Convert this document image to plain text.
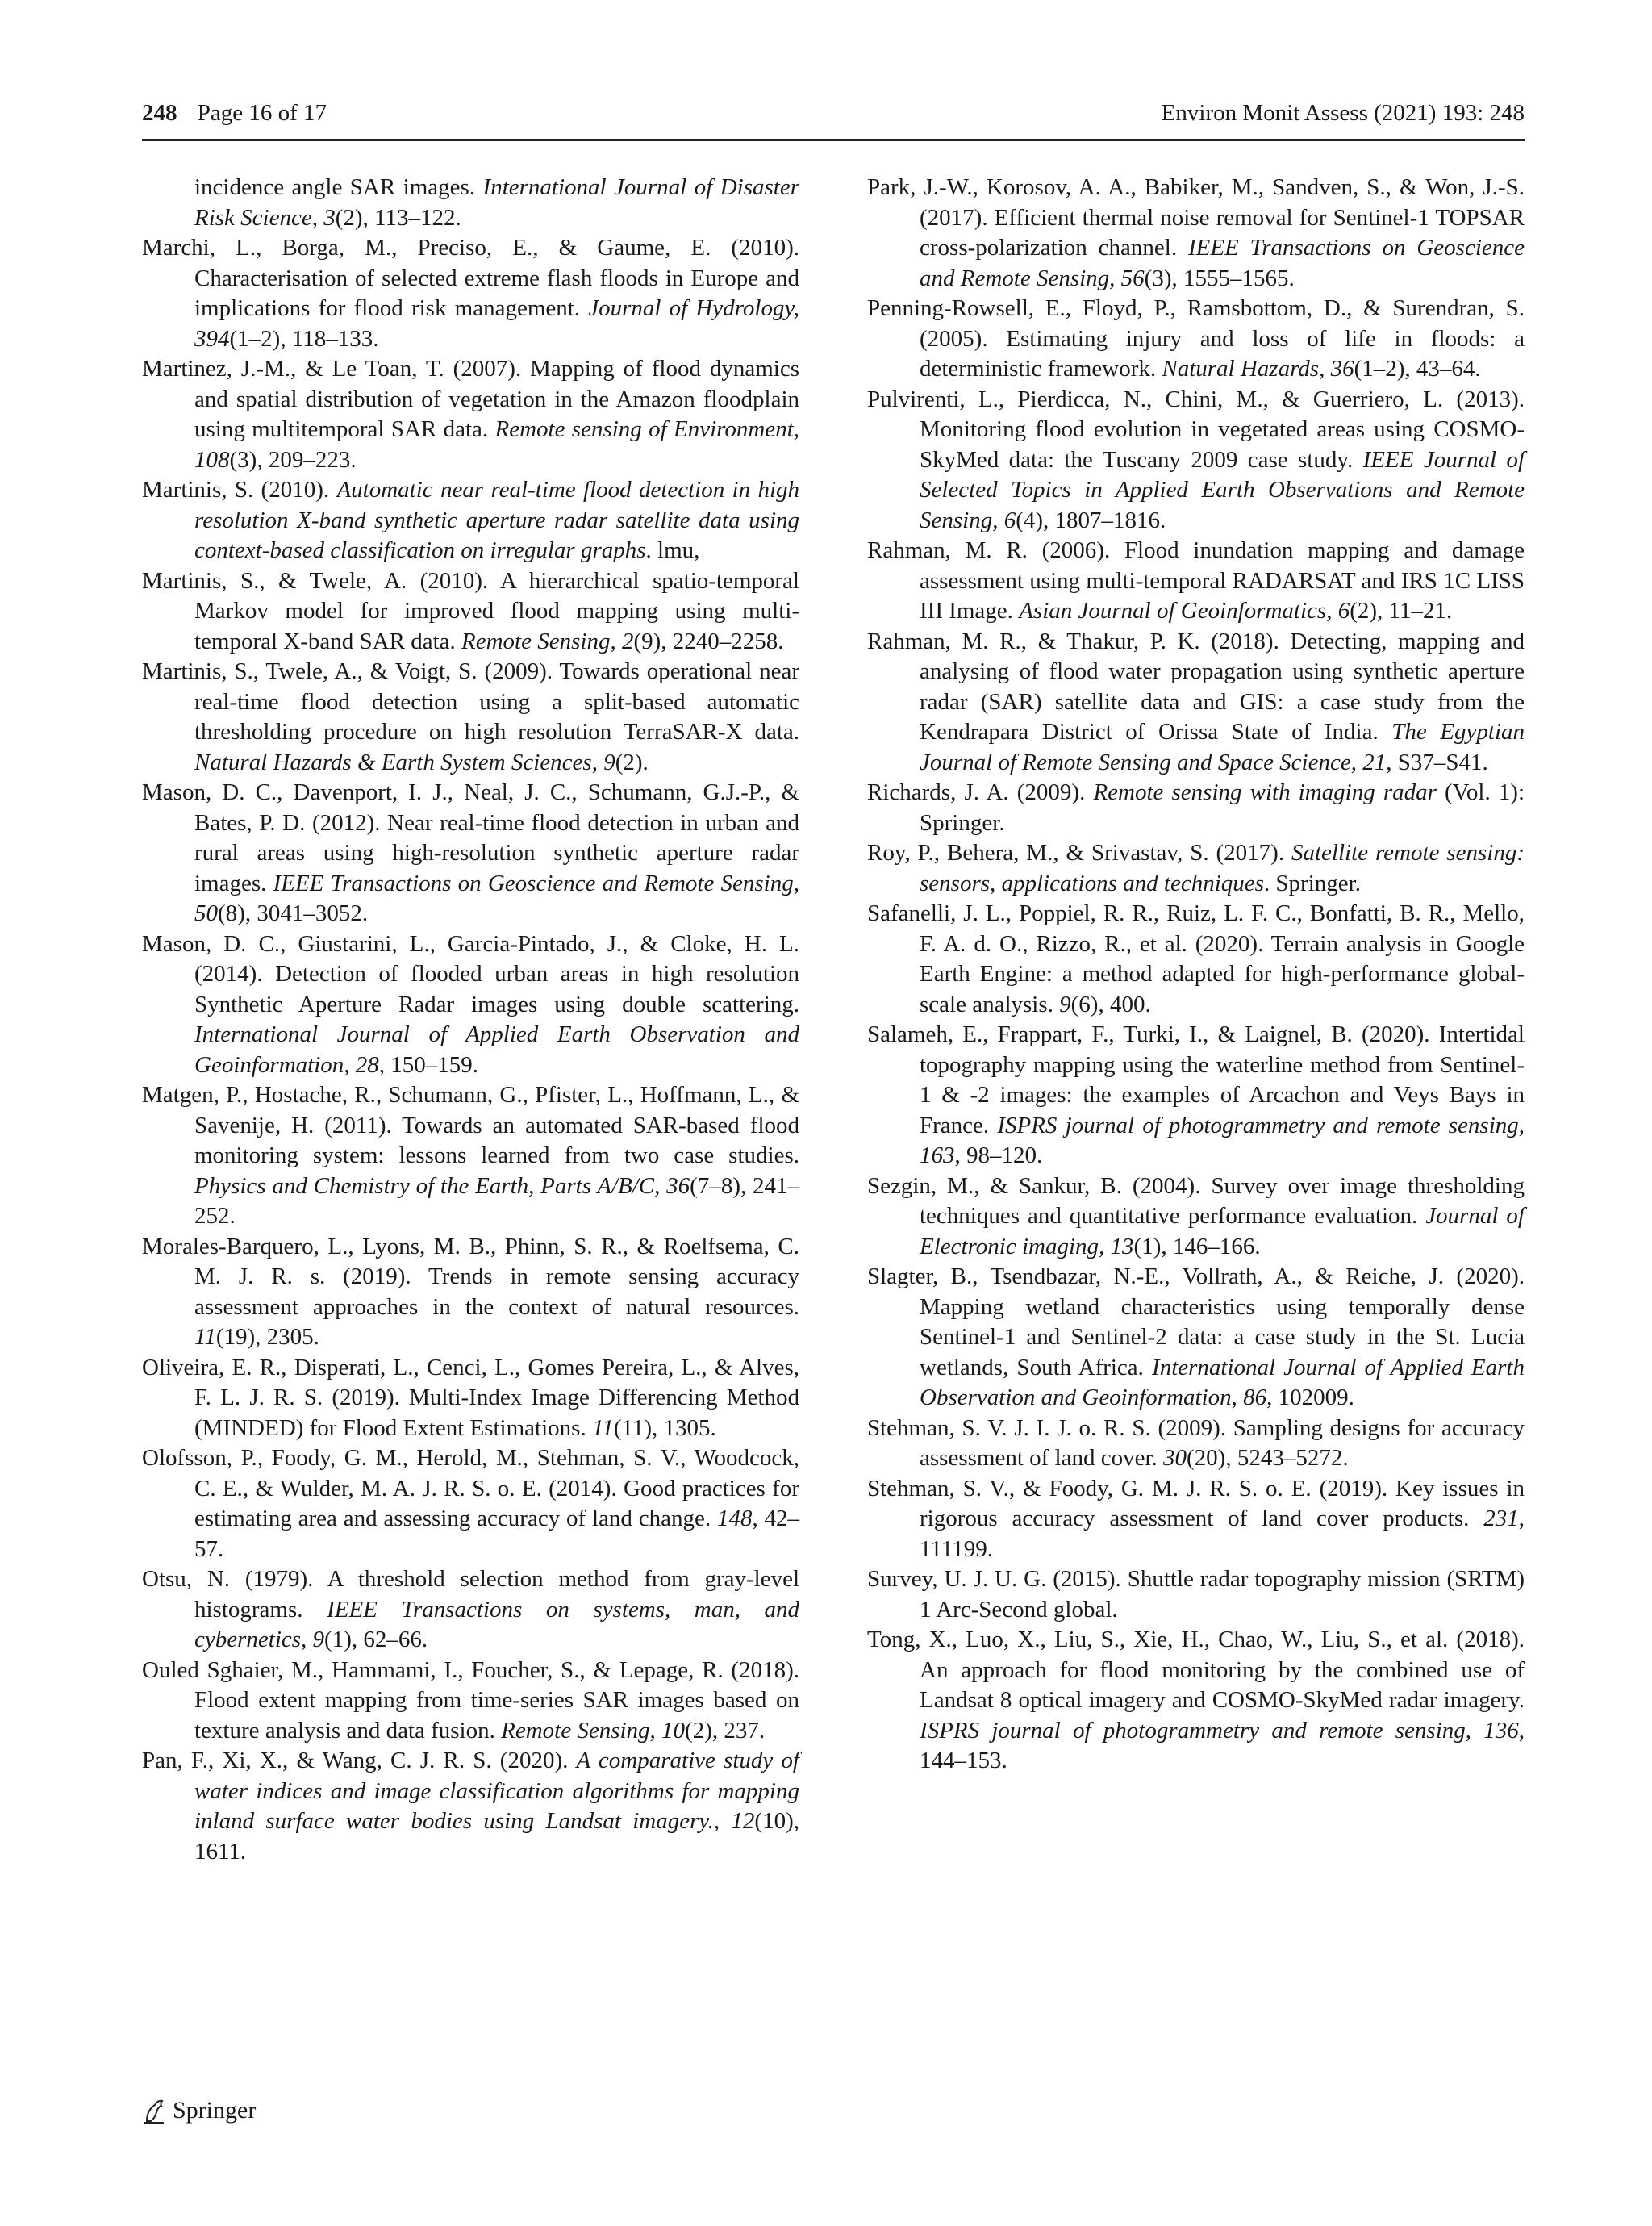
248 Page 16 of 17	Environ Monit Assess (2021) 193: 248
incidence angle SAR images. International Journal of Disaster Risk Science, 3(2), 113–122.
Marchi, L., Borga, M., Preciso, E., & Gaume, E. (2010). Characterisation of selected extreme flash floods in Europe and implications for flood risk management. Journal of Hydrology, 394(1–2), 118–133.
Martinez, J.-M., & Le Toan, T. (2007). Mapping of flood dynamics and spatial distribution of vegetation in the Amazon floodplain using multitemporal SAR data. Remote sensing of Environment, 108(3), 209–223.
Martinis, S. (2010). Automatic near real-time flood detection in high resolution X-band synthetic aperture radar satellite data using context-based classification on irregular graphs. lmu,
Martinis, S., & Twele, A. (2010). A hierarchical spatio-temporal Markov model for improved flood mapping using multi-temporal X-band SAR data. Remote Sensing, 2(9), 2240–2258.
Martinis, S., Twele, A., & Voigt, S. (2009). Towards operational near real-time flood detection using a split-based automatic thresholding procedure on high resolution TerraSAR-X data. Natural Hazards & Earth System Sciences, 9(2).
Mason, D. C., Davenport, I. J., Neal, J. C., Schumann, G.J.-P., & Bates, P. D. (2012). Near real-time flood detection in urban and rural areas using high-resolution synthetic aperture radar images. IEEE Transactions on Geoscience and Remote Sensing, 50(8), 3041–3052.
Mason, D. C., Giustarini, L., Garcia-Pintado, J., & Cloke, H. L. (2014). Detection of flooded urban areas in high resolution Synthetic Aperture Radar images using double scattering. International Journal of Applied Earth Observation and Geoinformation, 28, 150–159.
Matgen, P., Hostache, R., Schumann, G., Pfister, L., Hoffmann, L., & Savenije, H. (2011). Towards an automated SAR-based flood monitoring system: lessons learned from two case studies. Physics and Chemistry of the Earth, Parts A/B/C, 36(7–8), 241–252.
Morales-Barquero, L., Lyons, M. B., Phinn, S. R., & Roelfsema, C. M. J. R. s. (2019). Trends in remote sensing accuracy assessment approaches in the context of natural resources. 11(19), 2305.
Oliveira, E. R., Disperati, L., Cenci, L., Gomes Pereira, L., & Alves, F. L. J. R. S. (2019). Multi-Index Image Differencing Method (MINDED) for Flood Extent Estimations. 11(11), 1305.
Olofsson, P., Foody, G. M., Herold, M., Stehman, S. V., Woodcock, C. E., & Wulder, M. A. J. R. S. o. E. (2014). Good practices for estimating area and assessing accuracy of land change. 148, 42–57.
Otsu, N. (1979). A threshold selection method from gray-level histograms. IEEE Transactions on systems, man, and cybernetics, 9(1), 62–66.
Ouled Sghaier, M., Hammami, I., Foucher, S., & Lepage, R. (2018). Flood extent mapping from time-series SAR images based on texture analysis and data fusion. Remote Sensing, 10(2), 237.
Pan, F., Xi, X., & Wang, C. J. R. S. (2020). A comparative study of water indices and image classification algorithms for mapping inland surface water bodies using Landsat imagery., 12(10), 1611.
Park, J.-W., Korosov, A. A., Babiker, M., Sandven, S., & Won, J.-S. (2017). Efficient thermal noise removal for Sentinel-1 TOPSAR cross-polarization channel. IEEE Transactions on Geoscience and Remote Sensing, 56(3), 1555–1565.
Penning-Rowsell, E., Floyd, P., Ramsbottom, D., & Surendran, S. (2005). Estimating injury and loss of life in floods: a deterministic framework. Natural Hazards, 36(1–2), 43–64.
Pulvirenti, L., Pierdicca, N., Chini, M., & Guerriero, L. (2013). Monitoring flood evolution in vegetated areas using COSMO-SkyMed data: the Tuscany 2009 case study. IEEE Journal of Selected Topics in Applied Earth Observations and Remote Sensing, 6(4), 1807–1816.
Rahman, M. R. (2006). Flood inundation mapping and damage assessment using multi-temporal RADARSAT and IRS 1C LISS III Image. Asian Journal of Geoinformatics, 6(2), 11–21.
Rahman, M. R., & Thakur, P. K. (2018). Detecting, mapping and analysing of flood water propagation using synthetic aperture radar (SAR) satellite data and GIS: a case study from the Kendrapara District of Orissa State of India. The Egyptian Journal of Remote Sensing and Space Science, 21, S37–S41.
Richards, J. A. (2009). Remote sensing with imaging radar (Vol. 1): Springer.
Roy, P., Behera, M., & Srivastav, S. (2017). Satellite remote sensing: sensors, applications and techniques. Springer.
Safanelli, J. L., Poppiel, R. R., Ruiz, L. F. C., Bonfatti, B. R., Mello, F. A. d. O., Rizzo, R., et al. (2020). Terrain analysis in Google Earth Engine: a method adapted for high-performance global-scale analysis. 9(6), 400.
Salameh, E., Frappart, F., Turki, I., & Laignel, B. (2020). Intertidal topography mapping using the waterline method from Sentinel-1 & -2 images: the examples of Arcachon and Veys Bays in France. ISPRS journal of photogrammetry and remote sensing, 163, 98–120.
Sezgin, M., & Sankur, B. (2004). Survey over image thresholding techniques and quantitative performance evaluation. Journal of Electronic imaging, 13(1), 146–166.
Slagter, B., Tsendbazar, N.-E., Vollrath, A., & Reiche, J. (2020). Mapping wetland characteristics using temporally dense Sentinel-1 and Sentinel-2 data: a case study in the St. Lucia wetlands, South Africa. International Journal of Applied Earth Observation and Geoinformation, 86, 102009.
Stehman, S. V. J. I. J. o. R. S. (2009). Sampling designs for accuracy assessment of land cover. 30(20), 5243–5272.
Stehman, S. V., & Foody, G. M. J. R. S. o. E. (2019). Key issues in rigorous accuracy assessment of land cover products. 231, 111199.
Survey, U. J. U. G. (2015). Shuttle radar topography mission (SRTM) 1 Arc-Second global.
Tong, X., Luo, X., Liu, S., Xie, H., Chao, W., Liu, S., et al. (2018). An approach for flood monitoring by the combined use of Landsat 8 optical imagery and COSMO-SkyMed radar imagery. ISPRS journal of photogrammetry and remote sensing, 136, 144–153.
Springer
